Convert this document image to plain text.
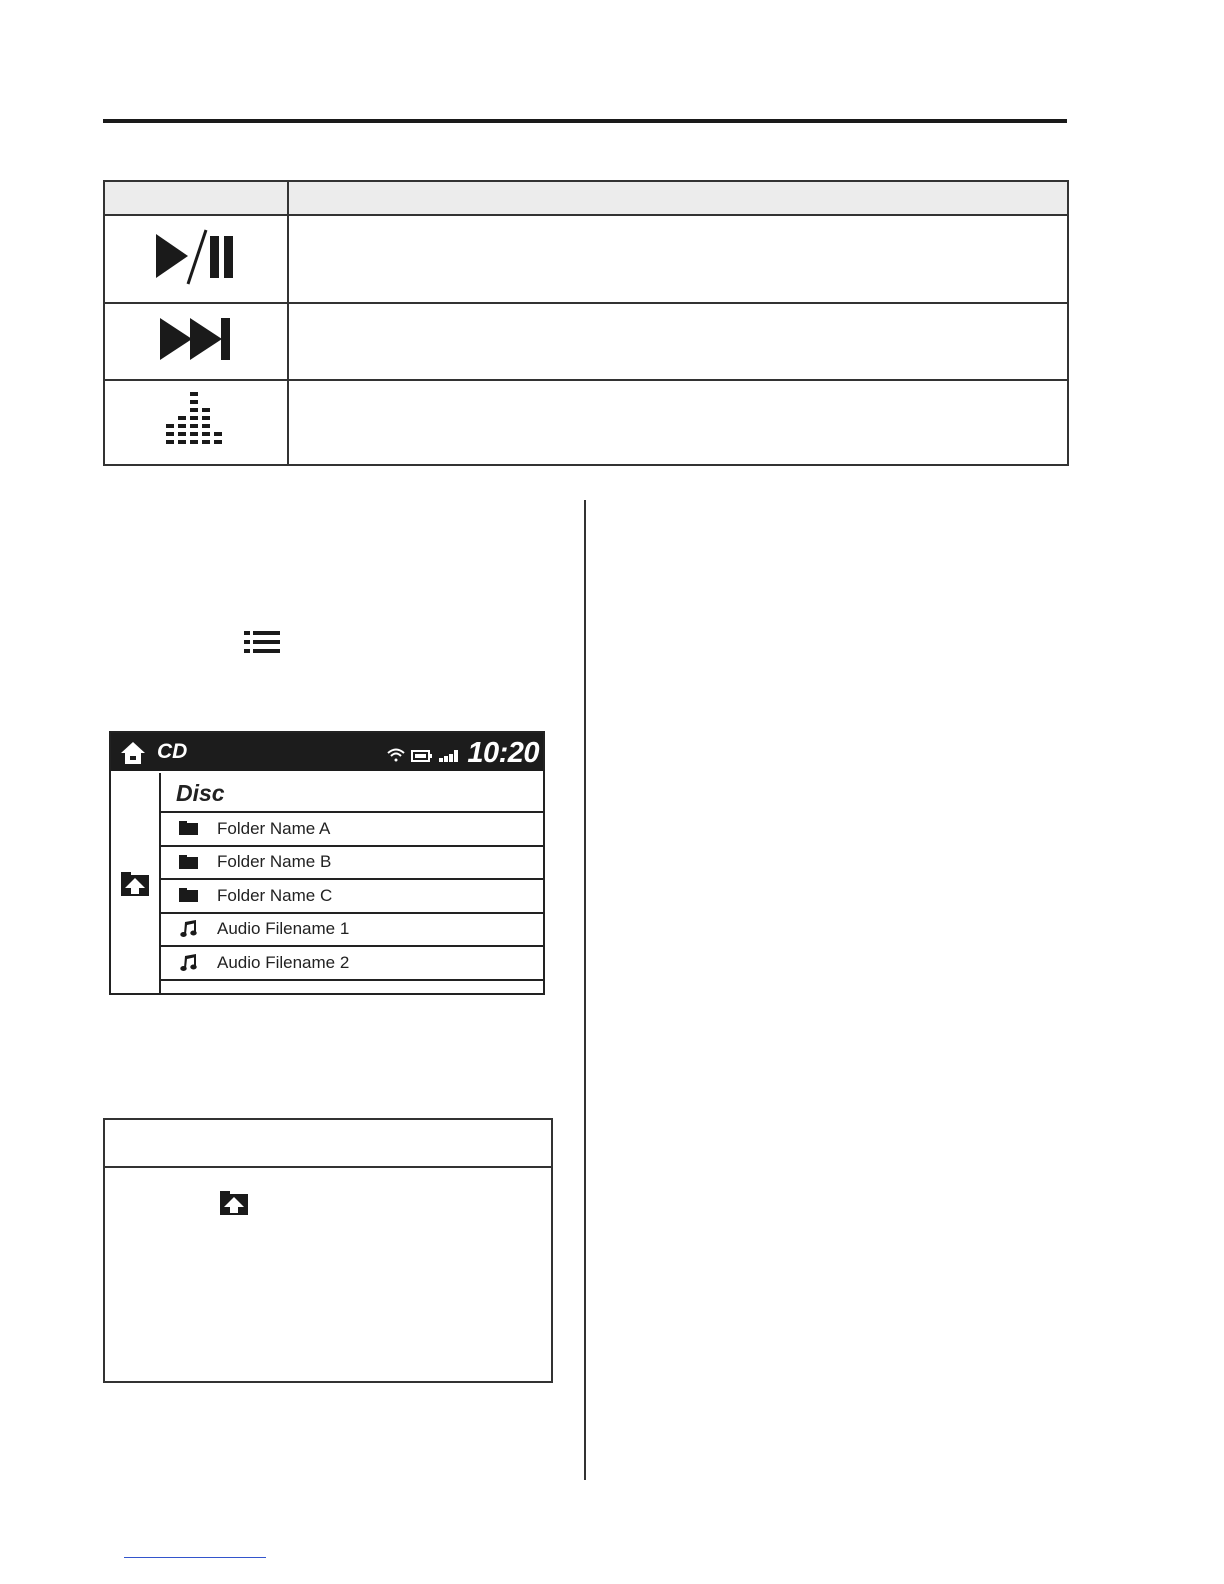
CD	10:20
Disc
Folder Name A
Folder Name B
Folder Name C
Audio Filename 1
Audio Filename 2
